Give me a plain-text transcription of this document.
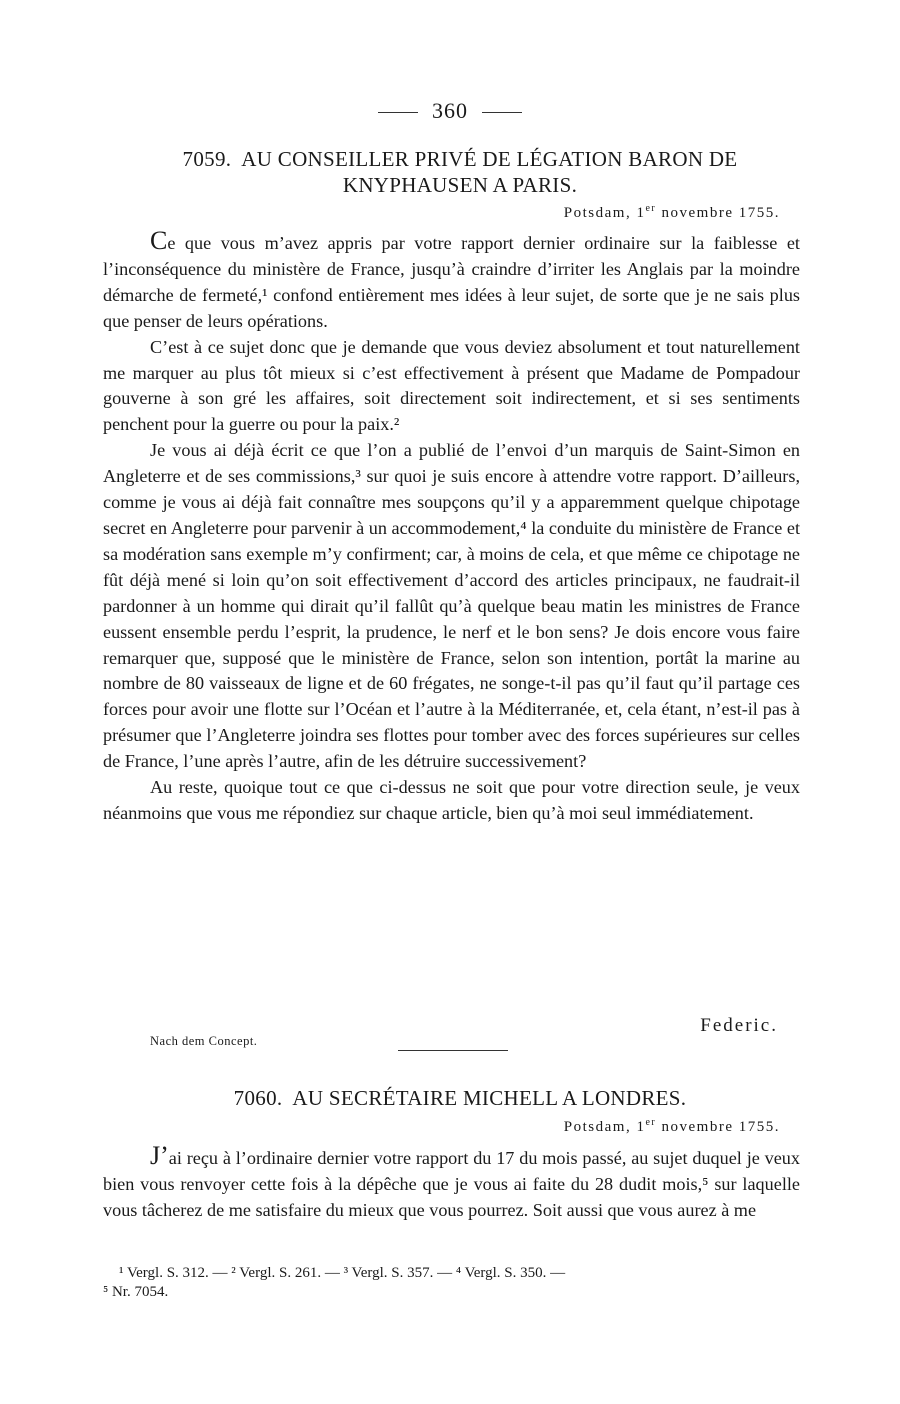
360
7059. AU CONSEILLER PRIVÉ DE LÉGATION BARON DE
KNYPHAUSEN A PARIS.
Potsdam, 1er novembre 1755.

Ce que vous m’avez appris par votre rapport dernier ordinaire sur la faiblesse et l’inconséquence du ministère de France, jusqu’à craindre d’irriter les Anglais par la moindre démarche de fermeté,¹ confond entièrement mes idées à leur sujet, de sorte que je ne sais plus que penser de leurs opérations.

C’est à ce sujet donc que je demande que vous deviez absolument et tout naturellement me marquer au plus tôt mieux si c’est effectivement à présent que Madame de Pompadour gouverne à son gré les affaires, soit directement soit indirectement, et si ses sentiments penchent pour la guerre ou pour la paix.²

Je vous ai déjà écrit ce que l’on a publié de l’envoi d’un marquis de Saint-Simon en Angleterre et de ses commissions,³ sur quoi je suis encore à attendre votre rapport. D’ailleurs, comme je vous ai déjà fait connaître mes soupçons qu’il y a apparemment quelque chipotage secret en Angleterre pour parvenir à un accommodement,⁴ la conduite du ministère de France et sa modération sans exemple m’y confirment; car, à moins de cela, et que même ce chipotage ne fût déjà mené si loin qu’on soit effectivement d’accord des articles principaux, ne faudrait-il pardonner à un homme qui dirait qu’il fallût qu’à quelque beau matin les ministres de France eussent ensemble perdu l’esprit, la prudence, le nerf et le bon sens? Je dois encore vous faire remarquer que, supposé que le ministère de France, selon son intention, portât la marine au nombre de 80 vaisseaux de ligne et de 60 frégates, ne songe-t-il pas qu’il faut qu’il partage ces forces pour avoir une flotte sur l’Océan et l’autre à la Méditerranée, et, cela étant, n’est-il pas à présumer que l’Angleterre joindra ses flottes pour tomber avec des forces supérieures sur celles de France, l’une après l’autre, afin de les détruire successivement?

Au reste, quoique tout ce que ci-dessus ne soit que pour votre direction seule, je veux néanmoins que vous me répondiez sur chaque article, bien qu’à moi seul immédiatement.

Federic.
Nach dem Concept.
7060. AU SECRÉTAIRE MICHELL A LONDRES.
Potsdam, 1er novembre 1755.

J’ai reçu à l’ordinaire dernier votre rapport du 17 du mois passé, au sujet duquel je veux bien vous renvoyer cette fois à la dépêche que je vous ai faite du 28 dudit mois,⁵ sur laquelle vous tâcherez de me satisfaire du mieux que vous pourrez. Soit aussi que vous aurez à me

¹ Vergl. S. 312. — ² Vergl. S. 261. — ³ Vergl. S. 357. — ⁴ Vergl. S. 350. —
⁵ Nr. 7054.
